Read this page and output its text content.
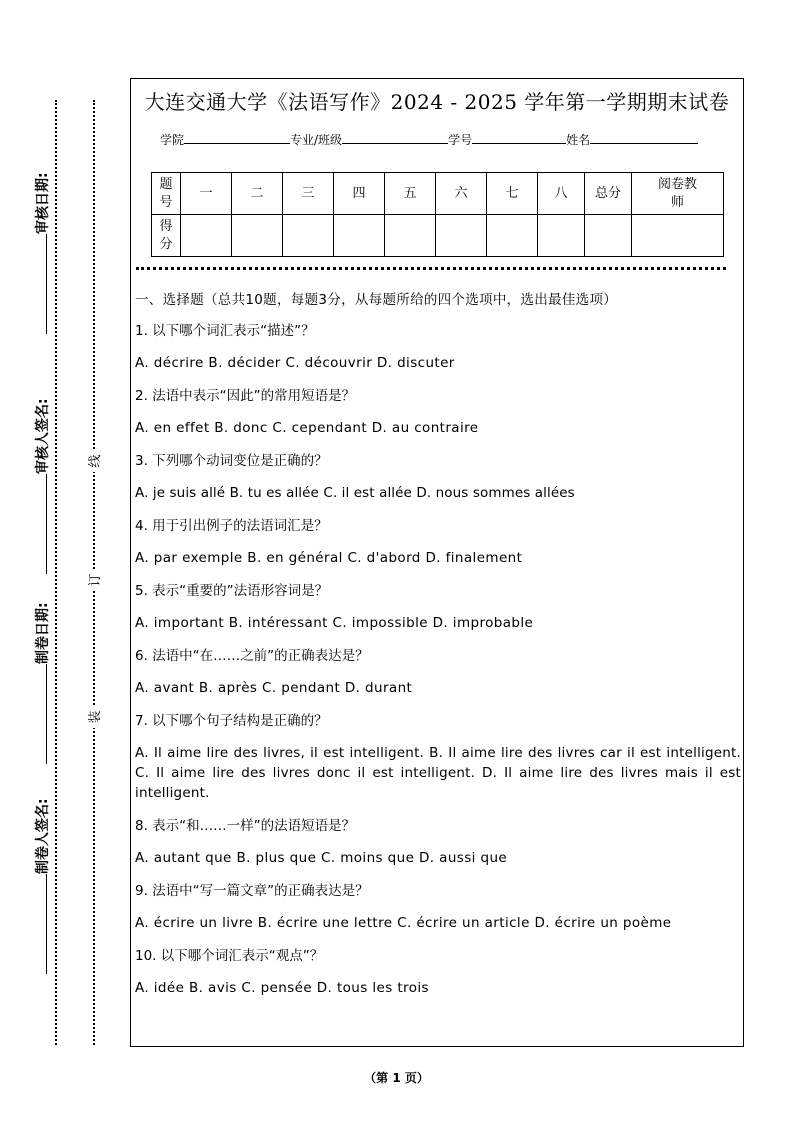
审核日期:
审核人签名:
制卷日期:
制卷人签名:
线
订
装
大连交通大学《法语写作》2024 - 2025 学年第一学期期末试卷
学院	专业/班级	学号	姓名
题号	一	二	三	四	五	六	七	八	总分	阅卷教师
得分										

一、选择题（总共10题，每题3分，从每题所给的四个选项中，选出最佳选项）

1. 以下哪个词汇表示“描述”？

A. décrire B. décider C. découvrir D. discuter

2. 法语中表示“因此”的常用短语是？

A. en effet B. donc C. cependant D. au contraire

3. 下列哪个动词变位是正确的？

A. je suis allé B. tu es allée C. il est allée D. nous sommes allées

4. 用于引出例子的法语词汇是？

A. par exemple B. en général C. d'abord D. finalement

5. 表示“重要的”法语形容词是？

A. important B. intéressant C. impossible D. improbable

6. 法语中“在……之前”的正确表达是？

A. avant B. après C. pendant D. durant

7. 以下哪个句子结构是正确的？

A. Il aime lire des livres, il est intelligent. B. Il aime lire des livres car il est intelligent. C. Il aime lire des livres donc il est intelligent. D. Il aime lire des livres mais il est intelligent.

8. 表示“和……一样”的法语短语是？

A. autant que B. plus que C. moins que D. aussi que

9. 法语中“写一篇文章”的正确表达是？

A. écrire un livre B. écrire une lettre C. écrire un article D. écrire un poème

10. 以下哪个词汇表示“观点”？

A. idée B. avis C. pensée D. tous les trois

（第 1 页）
